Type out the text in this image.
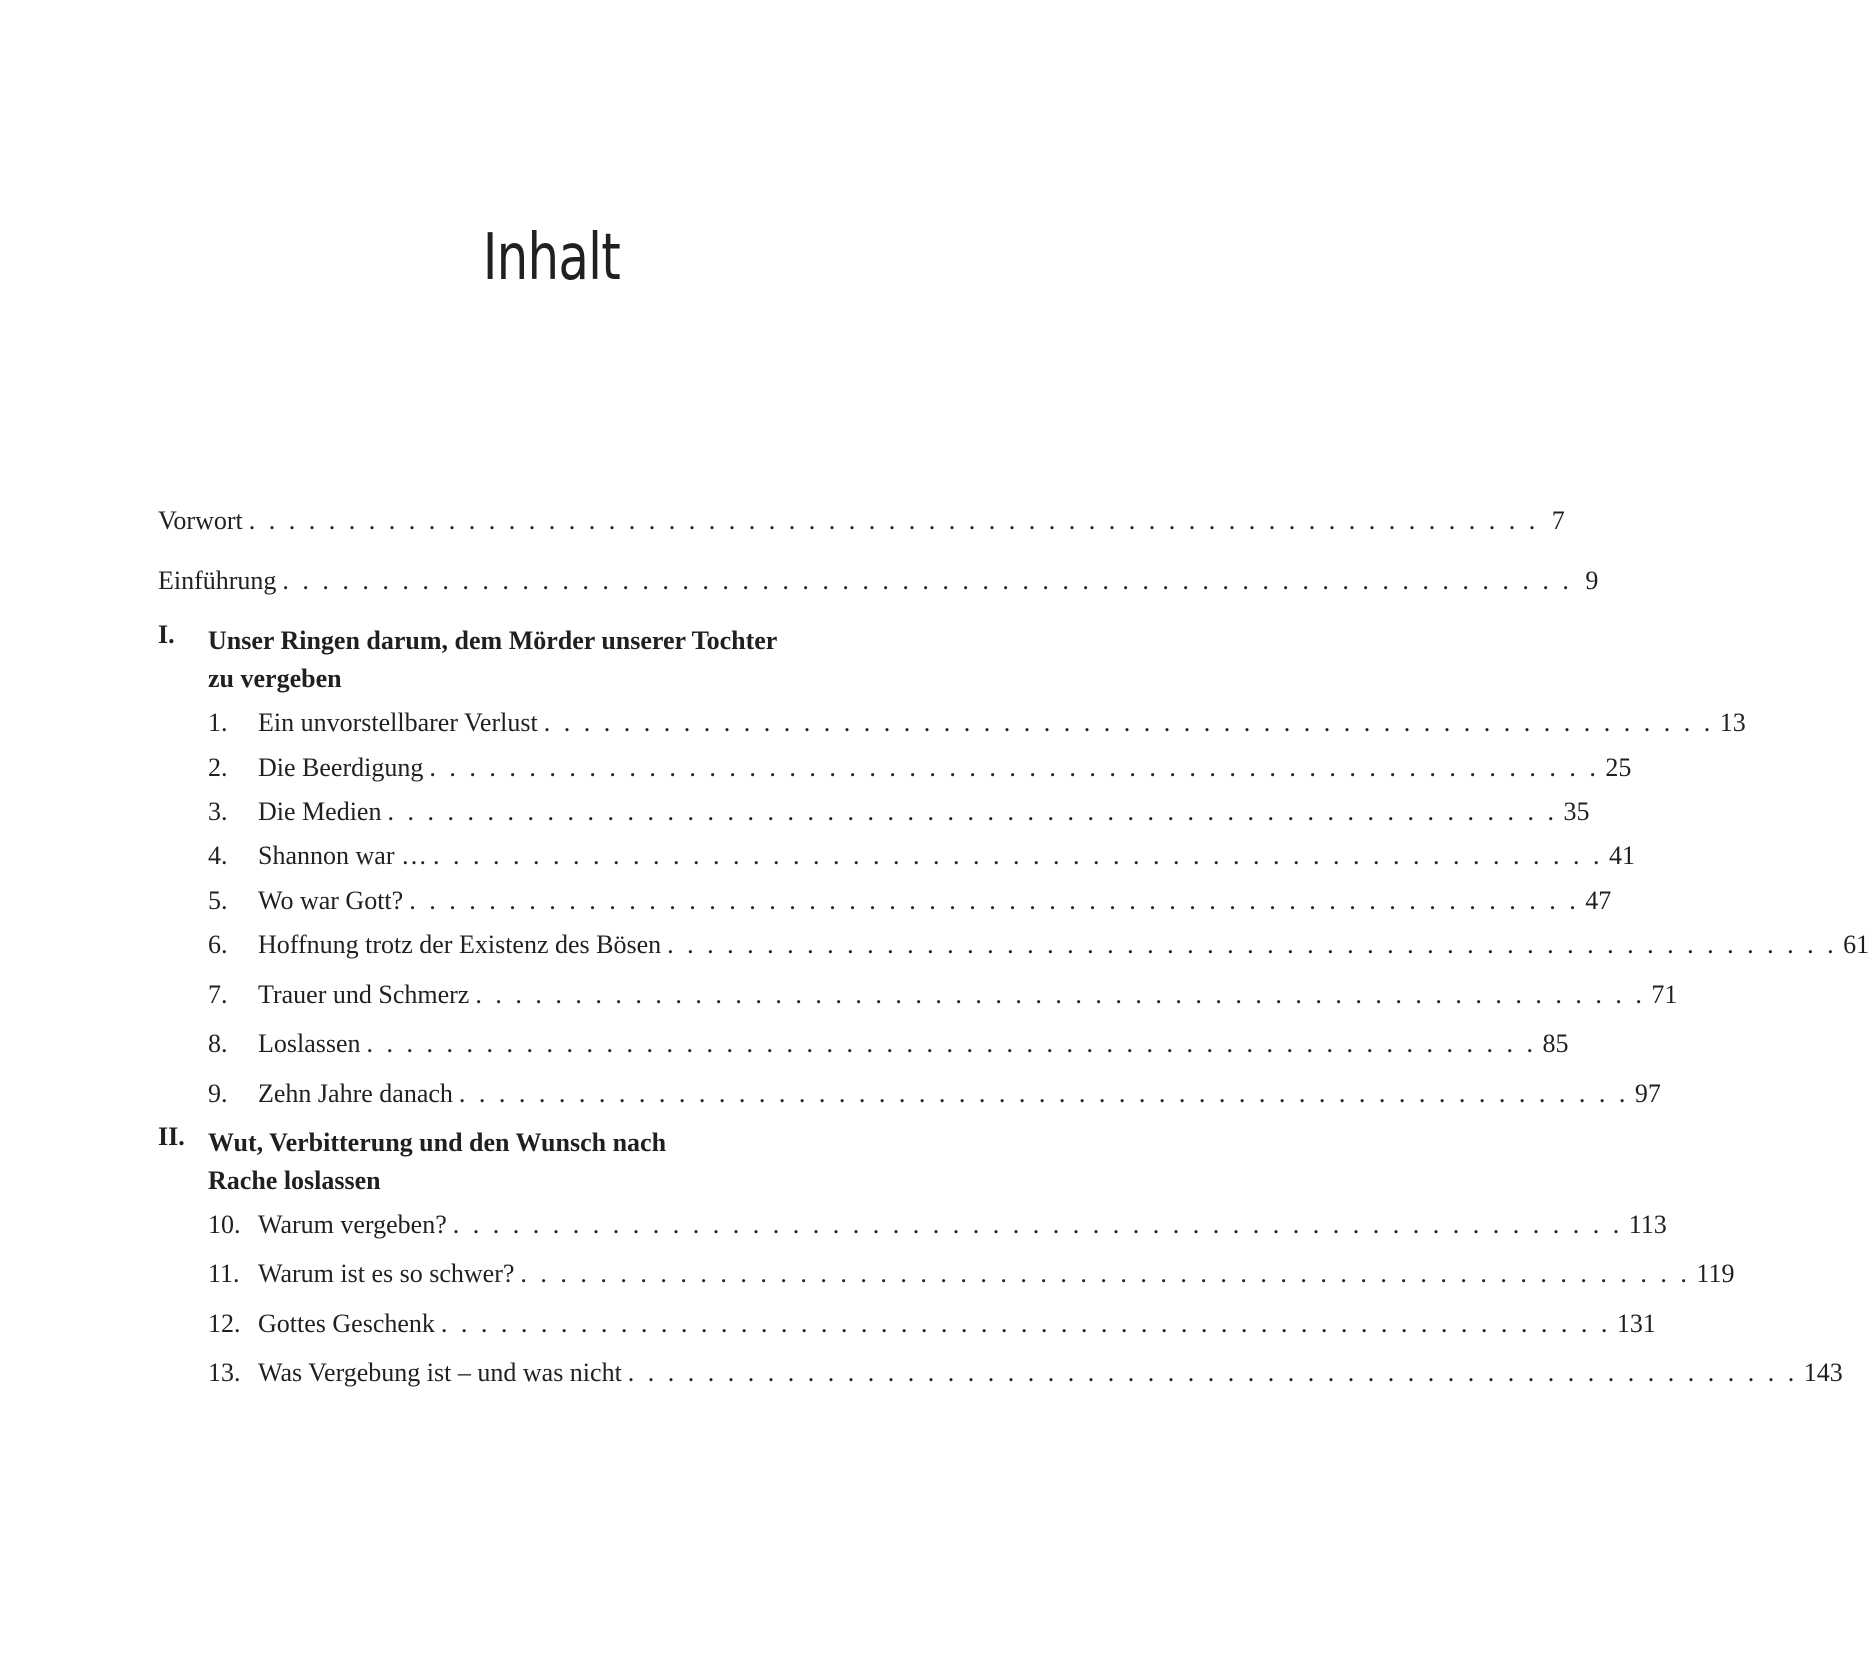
Inhalt
Vorwort . . . . . . . . . . . . . . . . . . . . . . . . . . . . . . . . . . . . . . . . . . . . . . . . . . . . . . . . . . . . . . . . . 7
Einführung . . . . . . . . . . . . . . . . . . . . . . . . . . . . . . . . . . . . . . . . . . . . . . . . . . . . . . . . . . . . . . . . . 9
I. Unser Ringen darum, dem Mörder unserer Tochter
zu vergeben
1.	Ein unvorstellbarer Verlust . . . . . . . . . . . . . . . . . . . . . . . . . . . . . . . . . . . . . . . . . . . . . . . . . . . . . . . . . . . 13
2.	Die Beerdigung . . . . . . . . . . . . . . . . . . . . . . . . . . . . . . . . . . . . . . . . . . . . . . . . . . . . . . . . . . . 25
3.	Die Medien . . . . . . . . . . . . . . . . . . . . . . . . . . . . . . . . . . . . . . . . . . . . . . . . . . . . . . . . . . . 35
4.	Shannon war … . . . . . . . . . . . . . . . . . . . . . . . . . . . . . . . . . . . . . . . . . . . . . . . . . . . . . . . . . . . 41
5.	Wo war Gott? . . . . . . . . . . . . . . . . . . . . . . . . . . . . . . . . . . . . . . . . . . . . . . . . . . . . . . . . . . . 47
6.	Hoffnung trotz der Existenz des Bösen . . . . . . . . . . . . . . . . . . . . . . . . . . . . . . . . . . . . . . . . . . . . . . . . . . . . . . . . . . . 61
7.	Trauer und Schmerz . . . . . . . . . . . . . . . . . . . . . . . . . . . . . . . . . . . . . . . . . . . . . . . . . . . . . . . . . . . 71
8.	Loslassen . . . . . . . . . . . . . . . . . . . . . . . . . . . . . . . . . . . . . . . . . . . . . . . . . . . . . . . . . . . 85
9.	Zehn Jahre danach . . . . . . . . . . . . . . . . . . . . . . . . . . . . . . . . . . . . . . . . . . . . . . . . . . . . . . . . . . . 97
II. Wut, Verbitterung und den Wunsch nach
Rache loslassen
10. Warum vergeben? . . . . . . . . . . . . . . . . . . . . . . . . . . . . . . . . . . . . . . . . . . . . . . . . . . . . . . . . . . . 113
11. Warum ist es so schwer? . . . . . . . . . . . . . . . . . . . . . . . . . . . . . . . . . . . . . . . . . . . . . . . . . . . . . . . . . . . 119
12. Gottes Geschenk . . . . . . . . . . . . . . . . . . . . . . . . . . . . . . . . . . . . . . . . . . . . . . . . . . . . . . . . . . . 131
13. Was Vergebung ist – und was nicht . . . . . . . . . . . . . . . . . . . . . . . . . . . . . . . . . . . . . . . . . . . . . . . . . . . . . . . . . . . 143
